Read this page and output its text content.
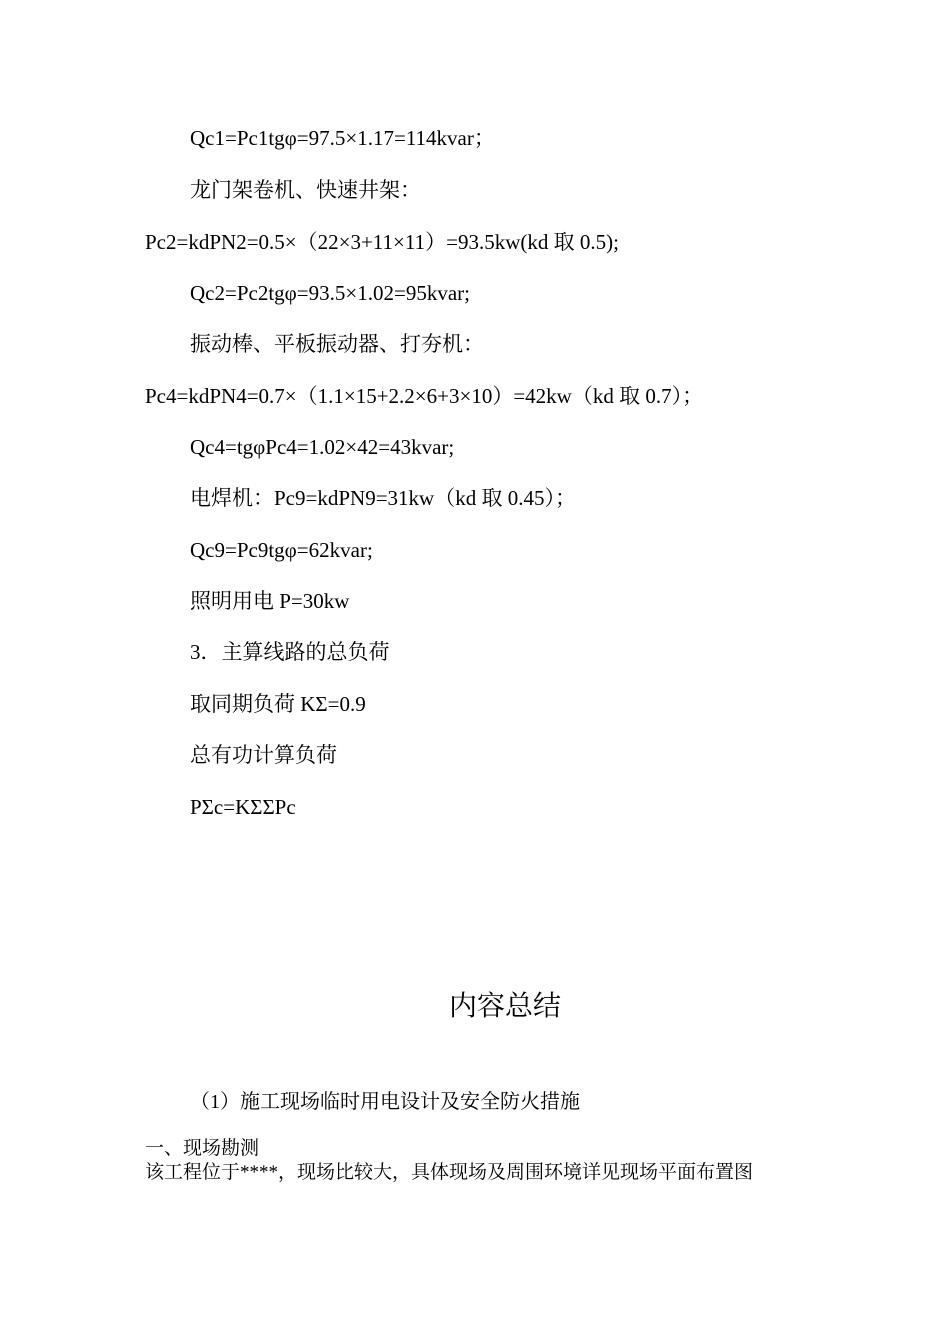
Qc1=Pc1tgφ=97.5×1.17=114kvar；

龙门架卷机、快速井架：

Pc2=kdPN2=0.5×（22×3+11×11）=93.5kw(kd 取 0.5);

Qc2=Pc2tgφ=93.5×1.02=95kvar;

振动棒、平板振动器、打夯机：

Pc4=kdPN4=0.7×（1.1×15+2.2×6+3×10）=42kw（kd 取 0.7）；

Qc4=tgφPc4=1.02×42=43kvar;

电焊机：Pc9=kdPN9=31kw（kd 取 0.45）；

Qc9=Pc9tgφ=62kvar;

照明用电 P=30kw

3．主算线路的总负荷

取同期负荷 KΣ=0.9

总有功计算负荷

PΣc=KΣΣPc

内容总结

（1）施工现场临时用电设计及安全防火措施

一、现场勘测

该工程位于****，现场比较大，具体现场及周围环境详见现场平面布置图
